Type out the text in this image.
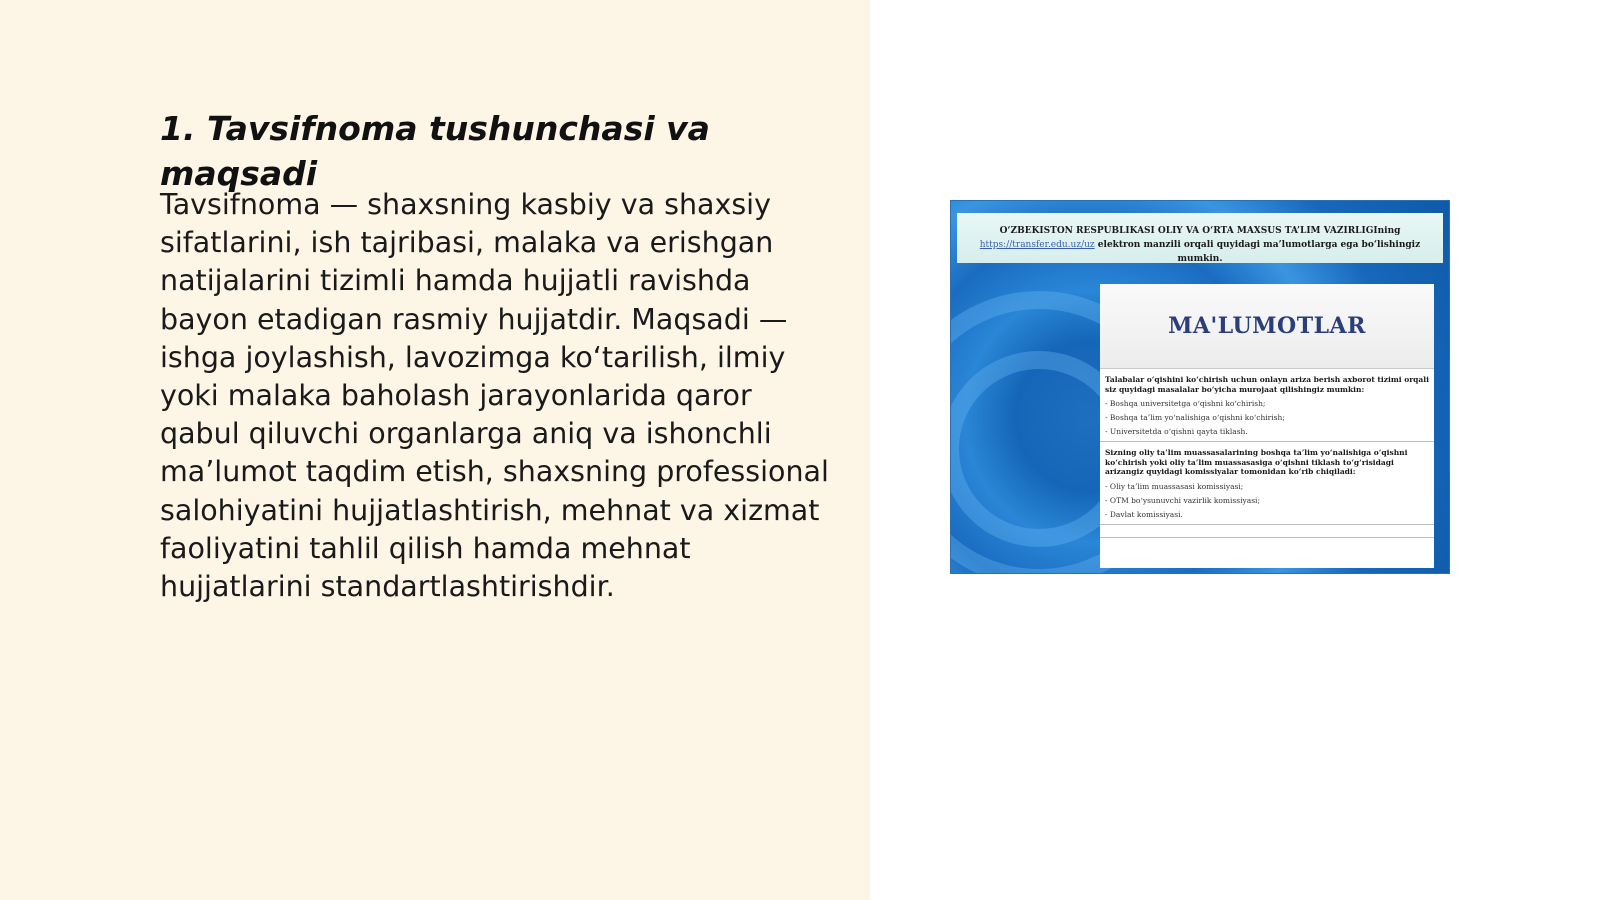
1. Tavsifnoma tushunchasi va maqsadi

Tavsifnoma — shaxsning kasbiy va shaxsiy sifatlarini, ish tajribasi, malaka va erishgan natijalarini tizimli hamda hujjatli ravishda bayon etadigan rasmiy hujjatdir. Maqsadi — ishga joylashish, lavozimga ko‘tarilish, ilmiy yoki malaka baholash jarayonlarida qaror qabul qiluvchi organlarga aniq va ishonchli ma’lumot taqdim etish, shaxsning professional salohiyatini hujjatlashtirish, mehnat va xizmat faoliyatini tahlil qilish hamda mehnat hujjatlarini standartlashtirishdir.

O‘ZBEKISTON RESPUBLIKASI OLIY VA O‘RTA MAXSUS TA’LIM VAZIRLIGIning
https://transfer.edu.uz/uz elektron manzili orqali quyidagi ma’lumotlarga ega bo‘lishingiz mumkin.
MA'LUMOTLAR
Talabalar o‘qishini ko‘chirish uchun onlayn ariza berish axborot tizimi orqali siz quyidagi masalalar bo‘yicha murojaat qilishingiz mumkin:
- Boshqa universitetga o‘qishni ko‘chirish;
- Boshqa ta’lim yo‘nalishiga o‘qishni ko‘chirish;
- Universitetda o‘qishni qayta tiklash.
Sizning oliy ta’lim muassasalarining boshqa ta’lim yo‘nalishiga o‘qishni ko‘chirish yoki oliy ta’lim muassasasiga o‘qishni tiklash to‘g‘risidagi arizangiz quyidagi komissiyalar tomonidan ko‘rib chiqiladi:
- Oliy ta’lim muassasasi komissiyasi;
- OTM bo‘ysunuvchi vazirlik komissiyasi;
- Davlat komissiyasi.
